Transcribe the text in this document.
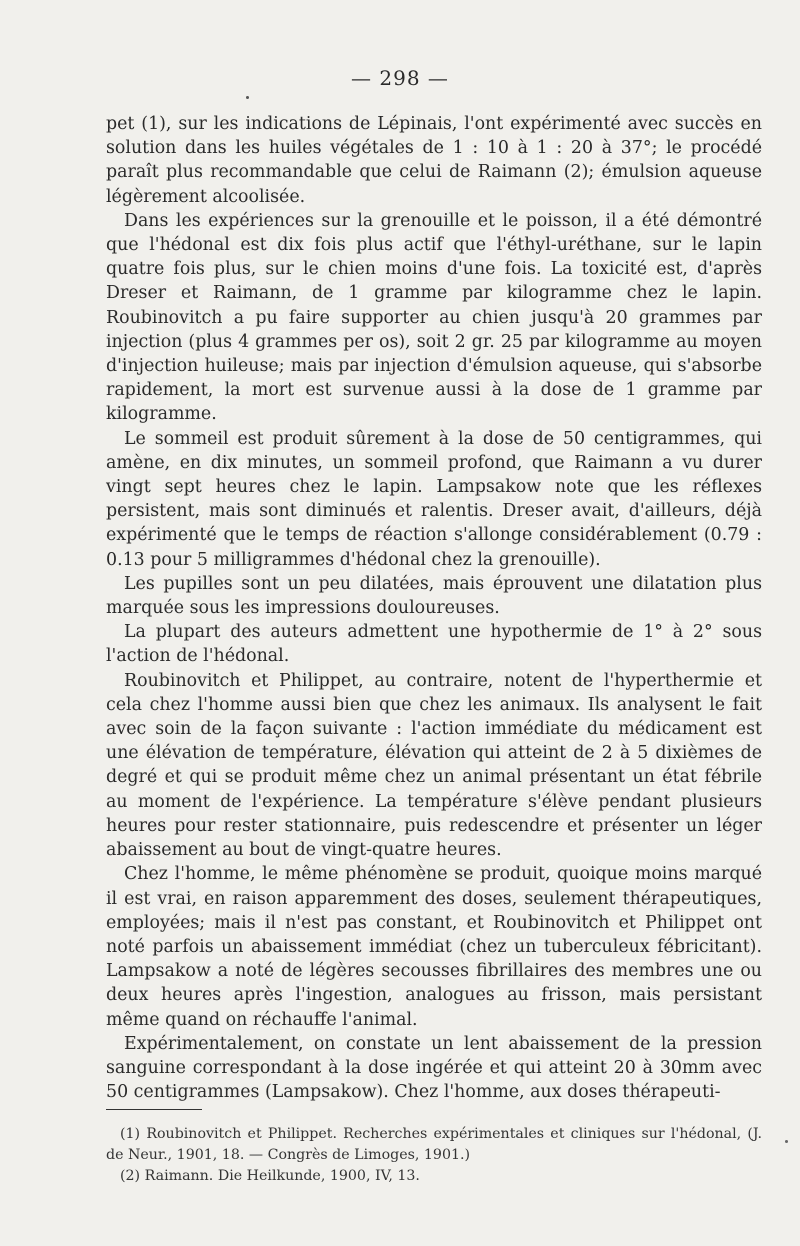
— 298 —

pet (1), sur les indications de Lépinais, l'ont expérimenté avec succès en solution dans les huiles végétales de 1 : 10 à 1 : 20 à 37°; le procédé paraît plus recommandable que celui de Raimann (2); émulsion aqueuse légèrement alcoolisée.

Dans les expériences sur la grenouille et le poisson, il a été démontré que l'hédonal est dix fois plus actif que l'éthyl-uréthane, sur le lapin quatre fois plus, sur le chien moins d'une fois. La toxicité est, d'après Dreser et Raimann, de 1 gramme par kilogramme chez le lapin. Roubinovitch a pu faire supporter au chien jusqu'à 20 grammes par injection (plus 4 grammes per os), soit 2 gr. 25 par kilogramme au moyen d'injection huileuse; mais par injection d'émulsion aqueuse, qui s'absorbe rapidement, la mort est survenue aussi à la dose de 1 gramme par kilogramme.

Le sommeil est produit sûrement à la dose de 50 centigrammes, qui amène, en dix minutes, un sommeil profond, que Raimann a vu durer vingt sept heures chez le lapin. Lampsakow note que les réflexes persistent, mais sont diminués et ralentis. Dreser avait, d'ailleurs, déjà expérimenté que le temps de réaction s'allonge considérablement (0.79 : 0.13 pour 5 milligrammes d'hédonal chez la grenouille).

Les pupilles sont un peu dilatées, mais éprouvent une dilatation plus marquée sous les impressions douloureuses.

La plupart des auteurs admettent une hypothermie de 1° à 2° sous l'action de l'hédonal.

Roubinovitch et Philippet, au contraire, notent de l'hyperthermie et cela chez l'homme aussi bien que chez les animaux. Ils analysent le fait avec soin de la façon suivante : l'action immédiate du médicament est une élévation de température, élévation qui atteint de 2 à 5 dixièmes de degré et qui se produit même chez un animal présentant un état fébrile au moment de l'expérience. La température s'élève pendant plusieurs heures pour rester stationnaire, puis redescendre et présenter un léger abaissement au bout de vingt-quatre heures.

Chez l'homme, le même phénomène se produit, quoique moins marqué il est vrai, en raison apparemment des doses, seulement thérapeutiques, employées; mais il n'est pas constant, et Roubinovitch et Philippet ont noté parfois un abaissement immédiat (chez un tuberculeux fébricitant). Lampsakow a noté de légères secousses fibrillaires des membres une ou deux heures après l'ingestion, analogues au frisson, mais persistant même quand on réchauffe l'animal.

Expérimentalement, on constate un lent abaissement de la pression sanguine correspondant à la dose ingérée et qui atteint 20 à 30mm avec 50 centigrammes (Lampsakow). Chez l'homme, aux doses thérapeuti-

(1) Roubinovitch et Philippet. Recherches expérimentales et cliniques sur l'hédonal, (J. de Neur., 1901, 18. — Congrès de Limoges, 1901.)

(2) Raimann. Die Heilkunde, 1900, IV, 13.
